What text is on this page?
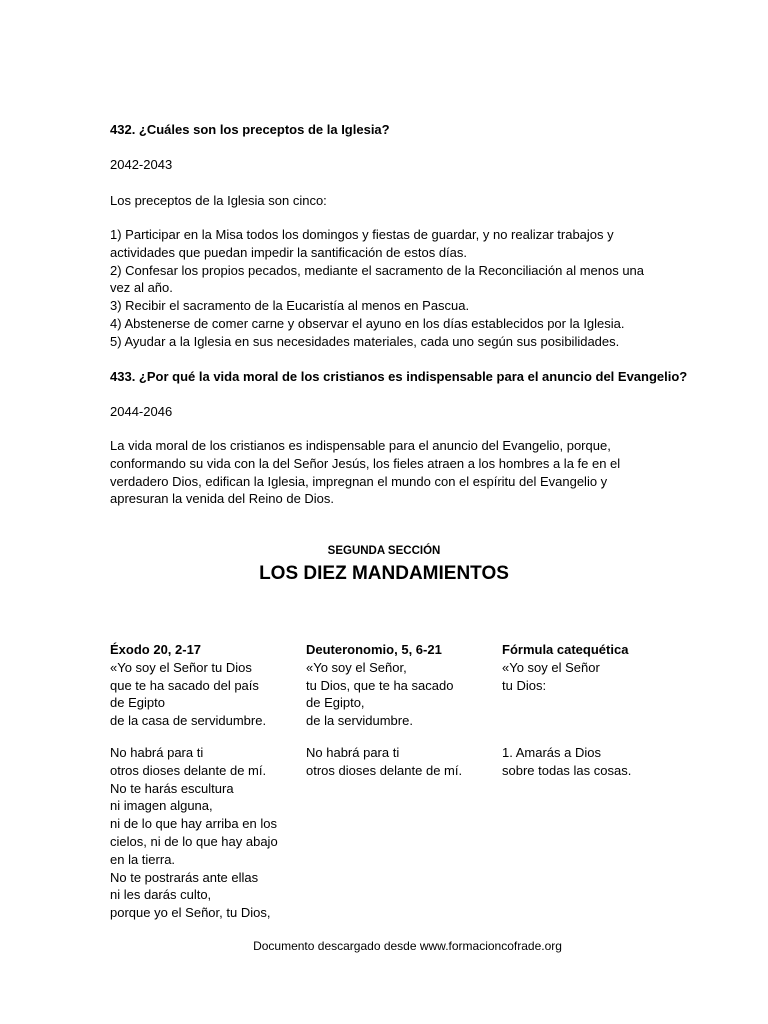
432. ¿Cuáles son los preceptos de la Iglesia?
2042-2043
Los preceptos de la Iglesia son cinco:
1) Participar en la Misa todos los domingos y fiestas de guardar, y no realizar trabajos y
actividades que puedan impedir la santificación de estos días.
2) Confesar los propios pecados, mediante el sacramento de la Reconciliación al menos una
vez al año.
3) Recibir el sacramento de la Eucaristía al menos en Pascua.
4) Abstenerse de comer carne y observar el ayuno en los días establecidos por la Iglesia.
5) Ayudar a la Iglesia en sus necesidades materiales, cada uno según sus posibilidades.
433. ¿Por qué la vida moral de los cristianos es indispensable para el anuncio del Evangelio?
2044-2046
La vida moral de los cristianos es indispensable para el anuncio del Evangelio, porque,
conformando su vida con la del Señor Jesús, los fieles atraen a los hombres a la fe en el
verdadero Dios, edifican la Iglesia, impregnan el mundo con el espíritu del Evangelio y
apresuran la venida del Reino de Dios.
SEGUNDA SECCIÓN
LOS DIEZ MANDAMIENTOS
Éxodo 20, 2-17
«Yo soy el Señor tu Dios
que te ha sacado del país
de Egipto
de la casa de servidumbre.
No habrá para ti
otros dioses delante de mí.
No te harás escultura
ni imagen alguna,
ni de lo que hay arriba en los
cielos, ni de lo que hay abajo
en la tierra.
No te postrarás ante ellas
ni les darás culto,
porque yo el Señor, tu Dios,
Deuteronomio, 5, 6-21
«Yo soy el Señor,
tu Dios, que te ha sacado
de Egipto,
de la servidumbre.
No habrá para ti
otros dioses delante de mí.
Fórmula catequética
«Yo soy el Señor
tu Dios:
1. Amarás a Dios
sobre todas las cosas.
Documento descargado desde www.formacioncofrade.org
